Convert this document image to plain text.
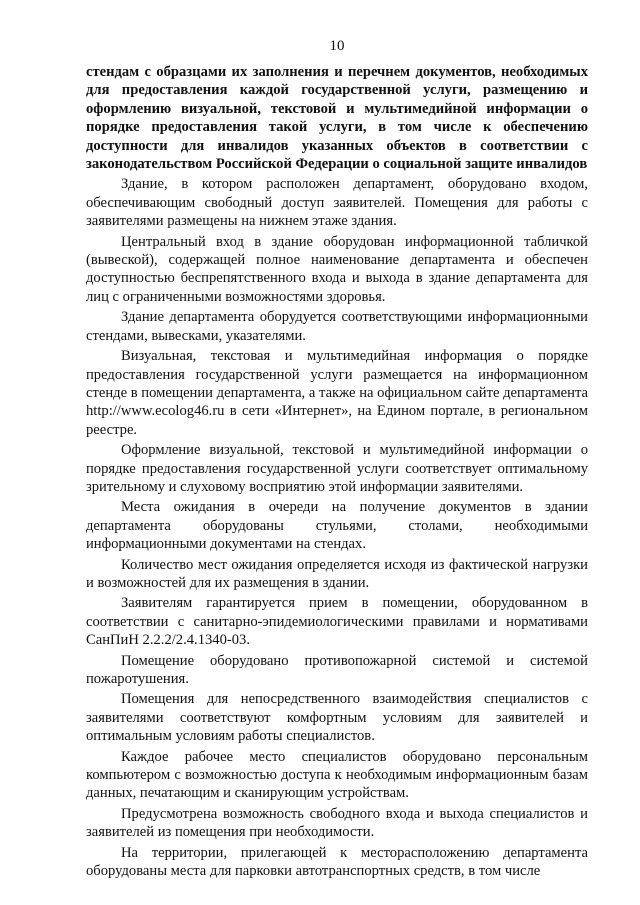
10

стендам с образцами их заполнения и перечнем документов, необходимых для предоставления каждой государственной услуги, размещению и оформлению визуальной, текстовой и мультимедийной информации о порядке предоставления такой услуги, в том числе к обеспечению доступности для инвалидов указанных объектов в соответствии с законодательством Российской Федерации о социальной защите инвалидов

Здание, в котором расположен департамент, оборудовано входом, обеспечивающим свободный доступ заявителей. Помещения для работы с заявителями размещены на нижнем этаже здания.

Центральный вход в здание оборудован информационной табличкой (вывеской), содержащей полное наименование департамента и обеспечен доступностью беспрепятственного входа и выхода в здание департамента для лиц с ограниченными возможностями здоровья.

Здание департамента оборудуется соответствующими информационными стендами, вывесками, указателями.

Визуальная, текстовая и мультимедийная информация о порядке предоставления государственной услуги размещается на информационном стенде в помещении департамента, а также на официальном сайте департамента http://www.ecolog46.ru в сети «Интернет», на Едином портале, в региональном реестре.

Оформление визуальной, текстовой и мультимедийной информации о порядке предоставления государственной услуги соответствует оптимальному зрительному и слуховому восприятию этой информации заявителями.

Места ожидания в очереди на получение документов в здании департамента оборудованы стульями, столами, необходимыми информационными документами на стендах.

Количество мест ожидания определяется исходя из фактической нагрузки и возможностей для их размещения в здании.

Заявителям гарантируется прием в помещении, оборудованном в соответствии с санитарно-эпидемиологическими правилами и нормативами СанПиН 2.2.2/2.4.1340-03.

Помещение оборудовано противопожарной системой и системой пожаротушения.

Помещения для непосредственного взаимодействия специалистов с заявителями соответствуют комфортным условиям для заявителей и оптимальным условиям работы специалистов.

Каждое рабочее место специалистов оборудовано персональным компьютером с возможностью доступа к необходимым информационным базам данных, печатающим и сканирующим устройствам.

Предусмотрена возможность свободного входа и выхода специалистов и заявителей из помещения при необходимости.

На территории, прилегающей к месторасположению департамента оборудованы места для парковки автотранспортных средств, в том числе
